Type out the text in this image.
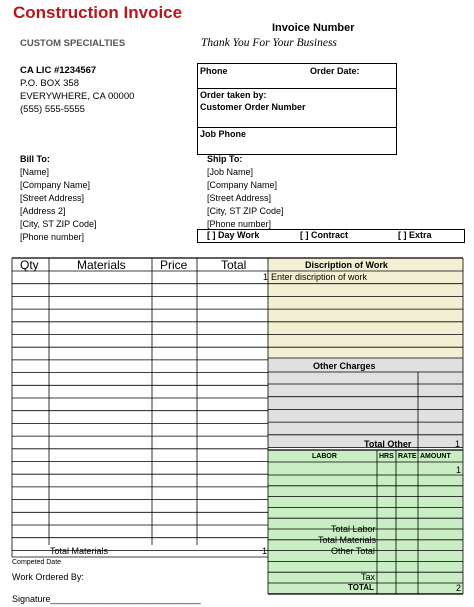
Construction Invoice
CUSTOM SPECIALTIES
Invoice Number
Thank You For Your Business
CA LIC #1234567
P.O. BOX 358
EVERYWHERE, CA 00000
(555) 555-5555
Phone	Order Date:
Order taken by:
Customer Order Number
Job Phone
Bill To:
[Name]
[Company Name]
[Street Address]
[Address 2]
[City, ST ZIP Code]
[Phone number]
Ship To:
[Job Name]
[Company Name]
[Street Address]
[City, ST ZIP Code]
[Phone number]
[ ] Day Work	[ ] Contract	[ ] Extra
Qty	Materials	Price	Total
1
Discription of Work
Enter discription of work
Other Charges
Total Other	1
LABOR	HRS RATE AMOUNT
1
Total Labor
Total Materials
Other Total
Tax
TOTAL	2
Total Materials	1
Competed Date
Work Ordered By:
Signature______________________________
